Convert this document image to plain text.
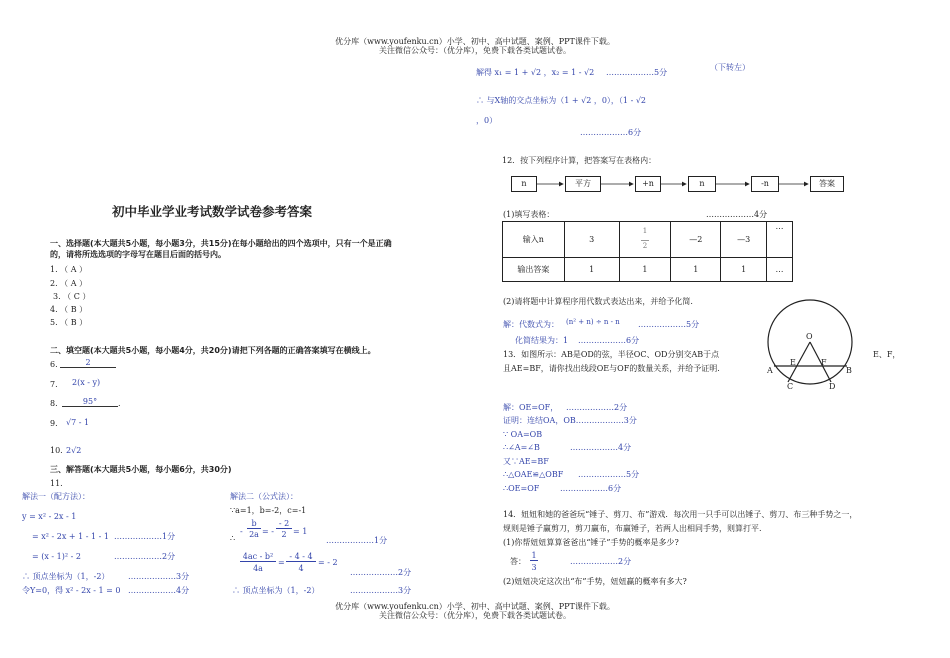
优分库（www.youfenku.cn）小学、初中、高中试题、案例、PPT课件下载。
关注微信公众号：（优分库），免费下载各类试题试卷。
初中毕业学业考试数学试卷参考答案
一、选择题(本大题共5小题，每小题3分，共15分)在每小题给出的四个选项中，只有一个是正确
的，请将所选选项的字母写在题目后面的括号内。
1. （ A ）
2. （ A ）
3. （ C ）
4. （ B ）
5. （ B ）
二、填空题(本大题共5小题，每小题4分，共20分)请把下列各题的正确答案填写在横线上。
6.	2
7. 2(x - y)
8.	95°	.
9. √7 - 1
10. 2√2
三、解答题(本大题共5小题，每小题6分，共30分)
11.
解法一（配方法）：
y = x² - 2x - 1
= x² - 2x + 1 - 1 - 1 ………………1分
= (x - 1)² - 2	………………2分
∴ 顶点坐标为（1，-2） ………………3分
令Y=0，得 x² - 2x - 1 = 0 ………………4分
解法二（公式法）：
∵a=1，b=-2，c=-1
-
b
2a = -
- 2
2 = 1
………………1分
∴
4ac - b²
4a
=
- 4 - 4
4
= - 2
………………2分
∴ 顶点坐标为（1，-2）	………………3分
解得 x₁ = 1 + √2 ，x₂ = 1 - √2 ………………5分
（下转左）
∴ 与X轴的交点坐标为（1 + √2 ，0），（1 - √2
，0）
………………6分
12．按下列程序计算，把答案写在表格内：
n	平方	+n	n	-n	答案
(1)填写表格：	………………4分
输入n	3	$\frac{1}{2}$	—2	—3	…
输出答案	1	1	1	1	…
(2)请将题中计算程序用代数式表达出来，并给予化简.
解：代数式为： (n² + n) ÷ n - n ………………5分
化简结果为：1 ………………6分
13．如图所示：AB是OD的弦，半径OC、OD分别交AB于点	E、F，
且AE=BF，请你找出线段OE与OF的数量关系，并给予证明.
O
A	B
C	D
E	F
解：OE=OF， ………………2分
证明：连结OA，OB………………3分
∵ OA=OB
∴∠A=∠B	………………4分
又∵AE=BF
∴△OAE≌△OBF ………………5分
∴OE=OF	………………6分
14．妞妞和她的爸爸玩“锤子、剪刀、布”游戏．每次用一只手可以出锤子、剪刀、布三种手势之一，
规则是锤子赢剪刀，剪刀赢布，布赢锤子，若两人出相同手势，则算打平.
(1)你帮妞妞算算爸爸出“锤子”手势的概率是多少?
答：
1
3
………………2分
(2)妞妞决定这次出“布”手势，妞妞赢的概率有多大?
优分库（www.youfenku.cn）小学、初中、高中试题、案例、PPT课件下载。
关注微信公众号：（优分库），免费下载各类试题试卷。
